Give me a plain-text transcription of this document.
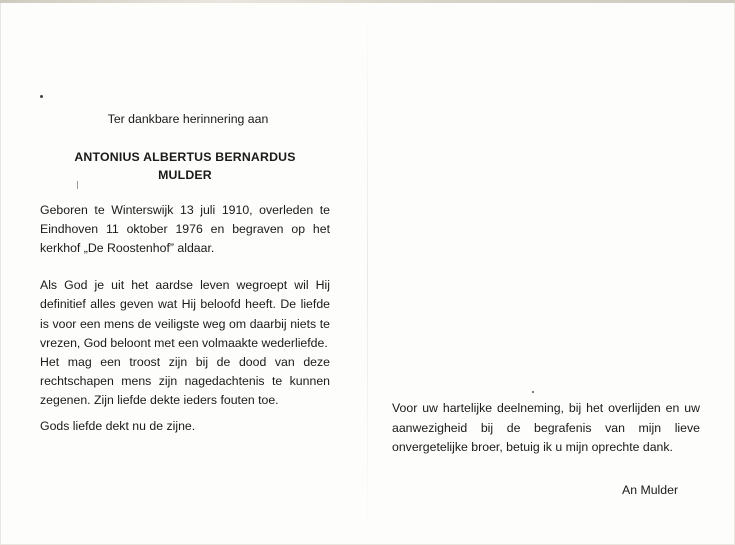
Ter dankbare herinnering aan

ANTONIUS ALBERTUS BERNARDUS
MULDER

Geboren te Winterswijk 13 juli 1910, overleden te Eindhoven 11 oktober 1976 en begraven op het kerkhof „De Roostenhof” aldaar.

Als God je uit het aardse leven wegroept wil Hij definitief alles geven wat Hij beloofd heeft. De liefde is voor een mens de veiligste weg om daarbij niets te vrezen, God beloont met een volmaakte wederliefde.

Het mag een troost zijn bij de dood van deze rechtschapen mens zijn nagedachtenis te kunnen zegenen. Zijn liefde dekte ieders fouten toe.

Gods liefde dekt nu de zijne.

Voor uw hartelijke deelneming, bij het overlijden en uw aanwezigheid bij de begrafenis van mijn lieve onvergetelijke broer, betuig ik u mijn oprechte dank.

An Mulder
